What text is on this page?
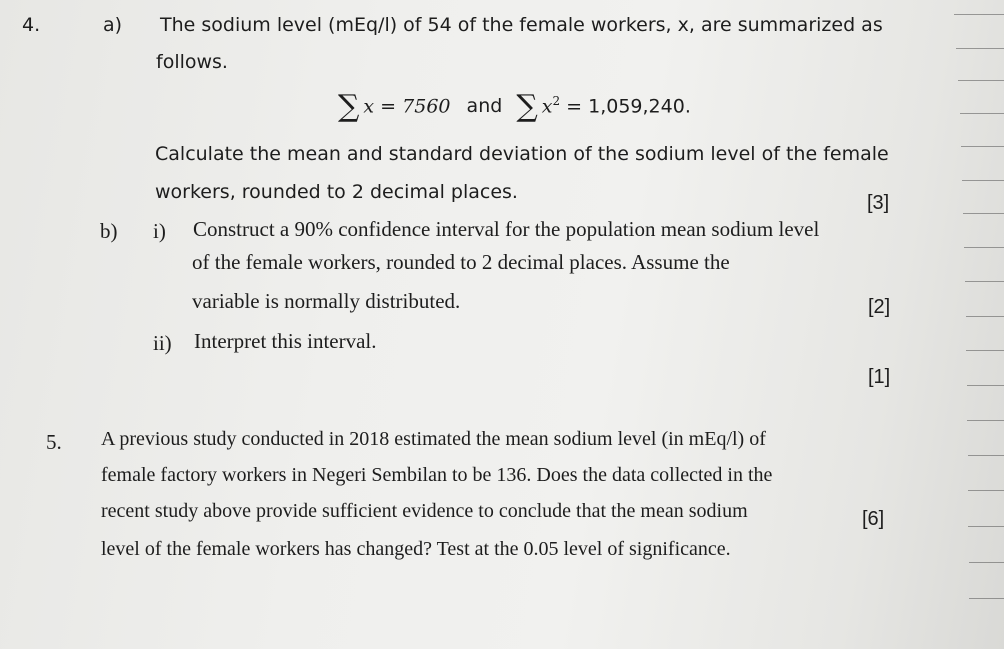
4.	a) The sodium level (mEq/l) of 54 of the female workers, x, are summarized as
follows.
∑ x = 7560 and ∑ $x^2 = 1,059,240$.
Calculate the mean and standard deviation of the sodium level of the female
workers, rounded to 2 decimal places.	[3]
b) i) Construct a 90% confidence interval for the population mean sodium level
of the female workers, rounded to 2 decimal places. Assume the
variable is normally distributed.	[2]
ii) Interpret this interval.
[1]
5. A previous study conducted in 2018 estimated the mean sodium level (in mEq/l) of
female factory workers in Negeri Sembilan to be 136. Does the data collected in the
recent study above provide sufficient evidence to conclude that the mean sodium
level of the female workers has changed? Test at the 0.05 level of significance.
[6]
